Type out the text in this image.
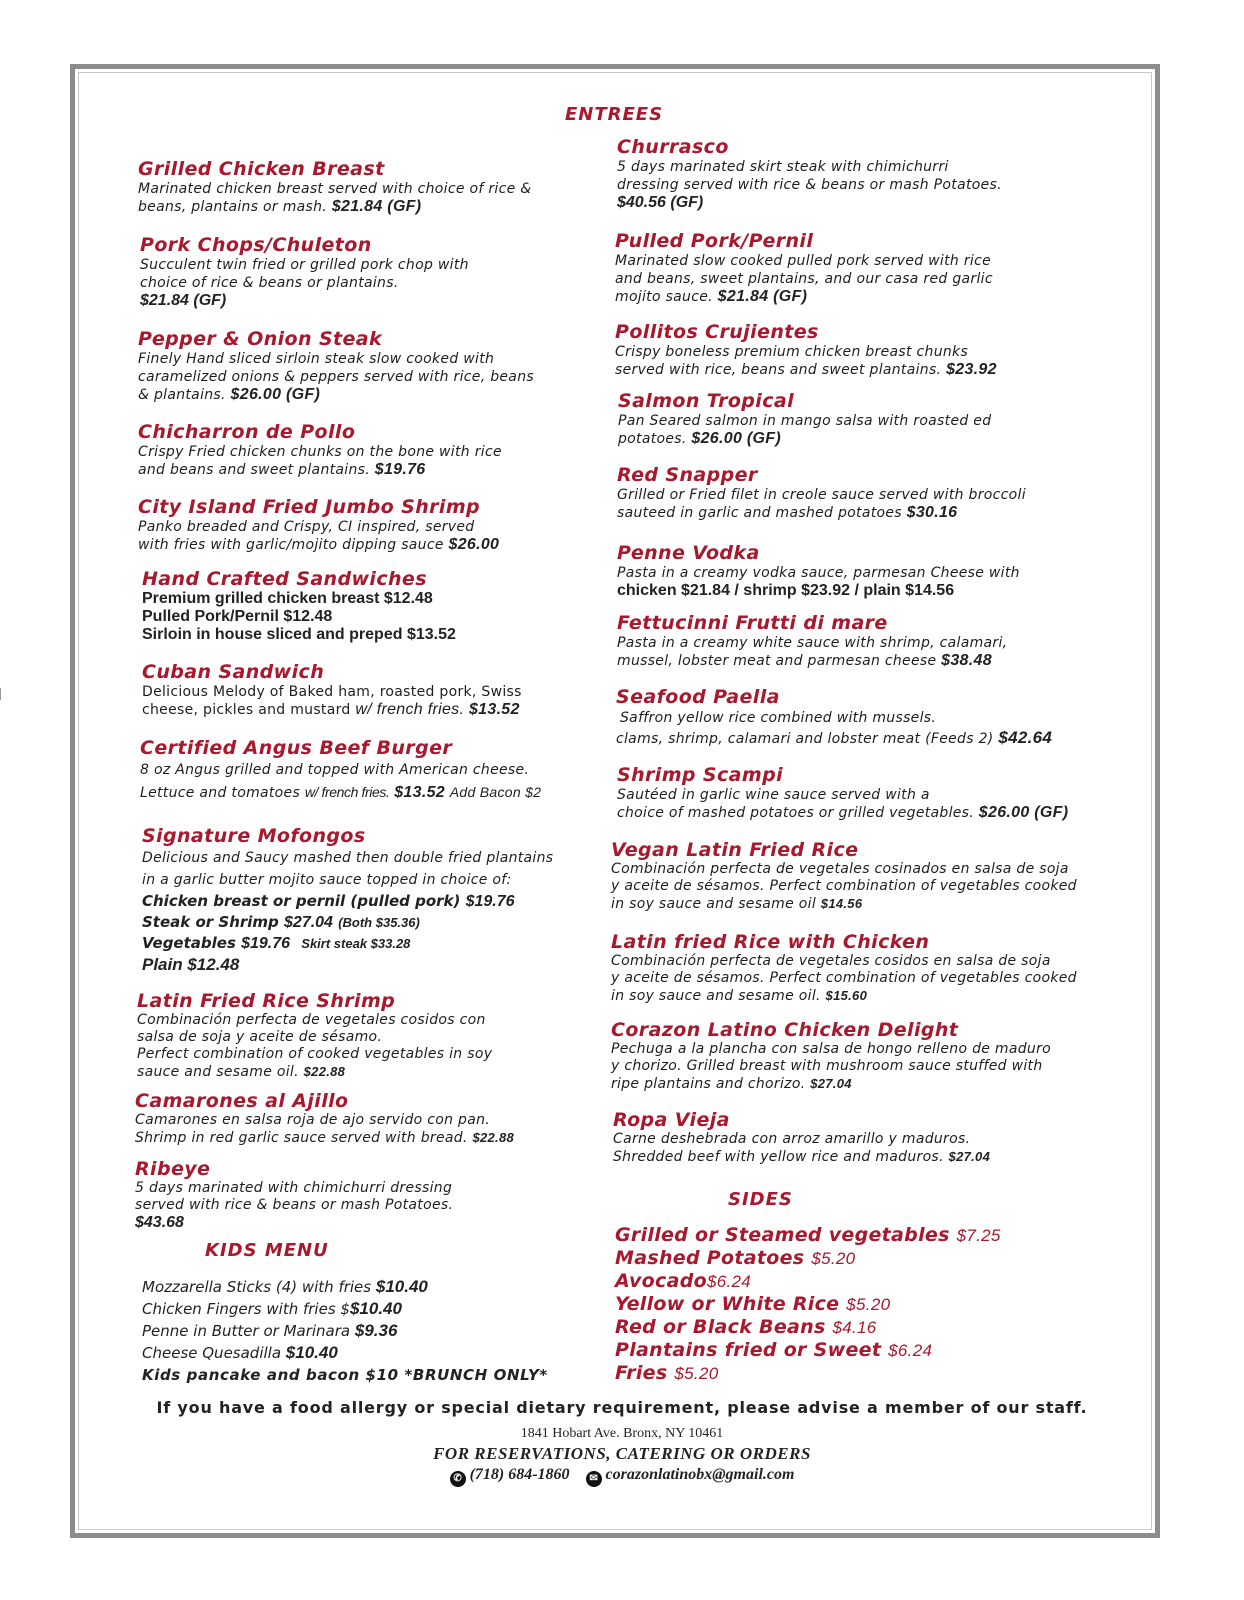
ENTREES
Grilled Chicken Breast
Marinated chicken breast served with choice of rice &
beans, plantains or mash. $21.84 (GF)
Pork Chops/Chuleton
Succulent twin fried or grilled pork chop with
choice of rice & beans or plantains.
$21.84 (GF)
Pepper & Onion Steak
Finely Hand sliced sirloin steak slow cooked with
caramelized onions & peppers served with rice, beans
& plantains. $26.00 (GF)
Chicharron de Pollo
Crispy Fried chicken chunks on the bone with rice
and beans and sweet plantains. $19.76
City Island Fried Jumbo Shrimp
Panko breaded and Crispy, CI inspired, served
with fries with garlic/mojito dipping sauce $26.00
Hand Crafted Sandwiches
Premium grilled chicken breast $12.48
Pulled Pork/Pernil $12.48
Sirloin in house sliced and preped $13.52
Cuban Sandwich
Delicious Melody of Baked ham, roasted pork, Swiss
cheese, pickles and mustard w/ french fries. $13.52
Certified Angus Beef Burger
8 oz Angus grilled and topped with American cheese.
Lettuce and tomatoes w/ french fries. $13.52 Add Bacon $2
Signature Mofongos
Delicious and Saucy mashed then double fried plantains
in a garlic butter mojito sauce topped in choice of:
Chicken breast or pernil (pulled pork) $19.76
Steak or Shrimp $27.04 (Both $35.36)
Vegetables $19.76 Skirt steak $33.28
Plain $12.48
Latin Fried Rice Shrimp
Combinación perfecta de vegetales cosidos con
salsa de soja y aceite de sésamo.
Perfect combination of cooked vegetables in soy
sauce and sesame oil. $22.88
Camarones al Ajillo
Camarones en salsa roja de ajo servido con pan.
Shrimp in red garlic sauce served with bread. $22.88
Ribeye
5 days marinated with chimichurri dressing
served with rice & beans or mash Potatoes.
$43.68
KIDS MENU
Mozzarella Sticks (4) with fries $10.40
Chicken Fingers with fries $$10.40
Penne in Butter or Marinara $9.36
Cheese Quesadilla $10.40
Kids pancake and bacon $10 *BRUNCH ONLY*
Churrasco
5 days marinated skirt steak with chimichurri
dressing served with rice & beans or mash Potatoes.
$40.56 (GF)
Pulled Pork/Pernil
Marinated slow cooked pulled pork served with rice
and beans, sweet plantains, and our casa red garlic
mojito sauce. $21.84 (GF)
Pollitos Crujientes
Crispy boneless premium chicken breast chunks
served with rice, beans and sweet plantains. $23.92
Salmon Tropical
Pan Seared salmon in mango salsa with roasted ed
potatoes. $26.00 (GF)
Red Snapper
Grilled or Fried filet in creole sauce served with broccoli
sauteed in garlic and mashed potatoes $30.16
Penne Vodka
Pasta in a creamy vodka sauce, parmesan Cheese with
chicken $21.84 / shrimp $23.92 / plain $14.56
Fettucinni Frutti di mare
Pasta in a creamy white sauce with shrimp, calamari,
mussel, lobster meat and parmesan cheese $38.48
Seafood Paella
Saffron yellow rice combined with mussels.
clams, shrimp, calamari and lobster meat (Feeds 2) $42.64
Shrimp Scampi
Sautéed in garlic wine sauce served with a
choice of mashed potatoes or grilled vegetables. $26.00 (GF)
Vegan Latin Fried Rice
Combinación perfecta de vegetales cosinados en salsa de soja
y aceite de sésamos. Perfect combination of vegetables cooked
in soy sauce and sesame oil $14.56
Latin fried Rice with Chicken
Combinación perfecta de vegetales cosidos en salsa de soja
y aceite de sésamos. Perfect combination of vegetables cooked
in soy sauce and sesame oil. $15.60
Corazon Latino Chicken Delight
Pechuga a la plancha con salsa de hongo relleno de maduro
y chorizo. Grilled breast with mushroom sauce stuffed with
ripe plantains and chorizo. $27.04
Ropa Vieja
Carne deshebrada con arroz amarillo y maduros.
Shredded beef with yellow rice and maduros. $27.04
SIDES
Grilled or Steamed vegetables $7.25
Mashed Potatoes $5.20
Avocado$6.24
Yellow or White Rice $5.20
Red or Black Beans $4.16
Plantains fried or Sweet $6.24
Fries $5.20
If you have a food allergy or special dietary requirement, please advise a member of our staff.
1841 Hobart Ave. Bronx, NY 10461
FOR RESERVATIONS, CATERING OR ORDERS
✆ (718) 684-1860 ✉ corazonlatinobx@gmail.com
